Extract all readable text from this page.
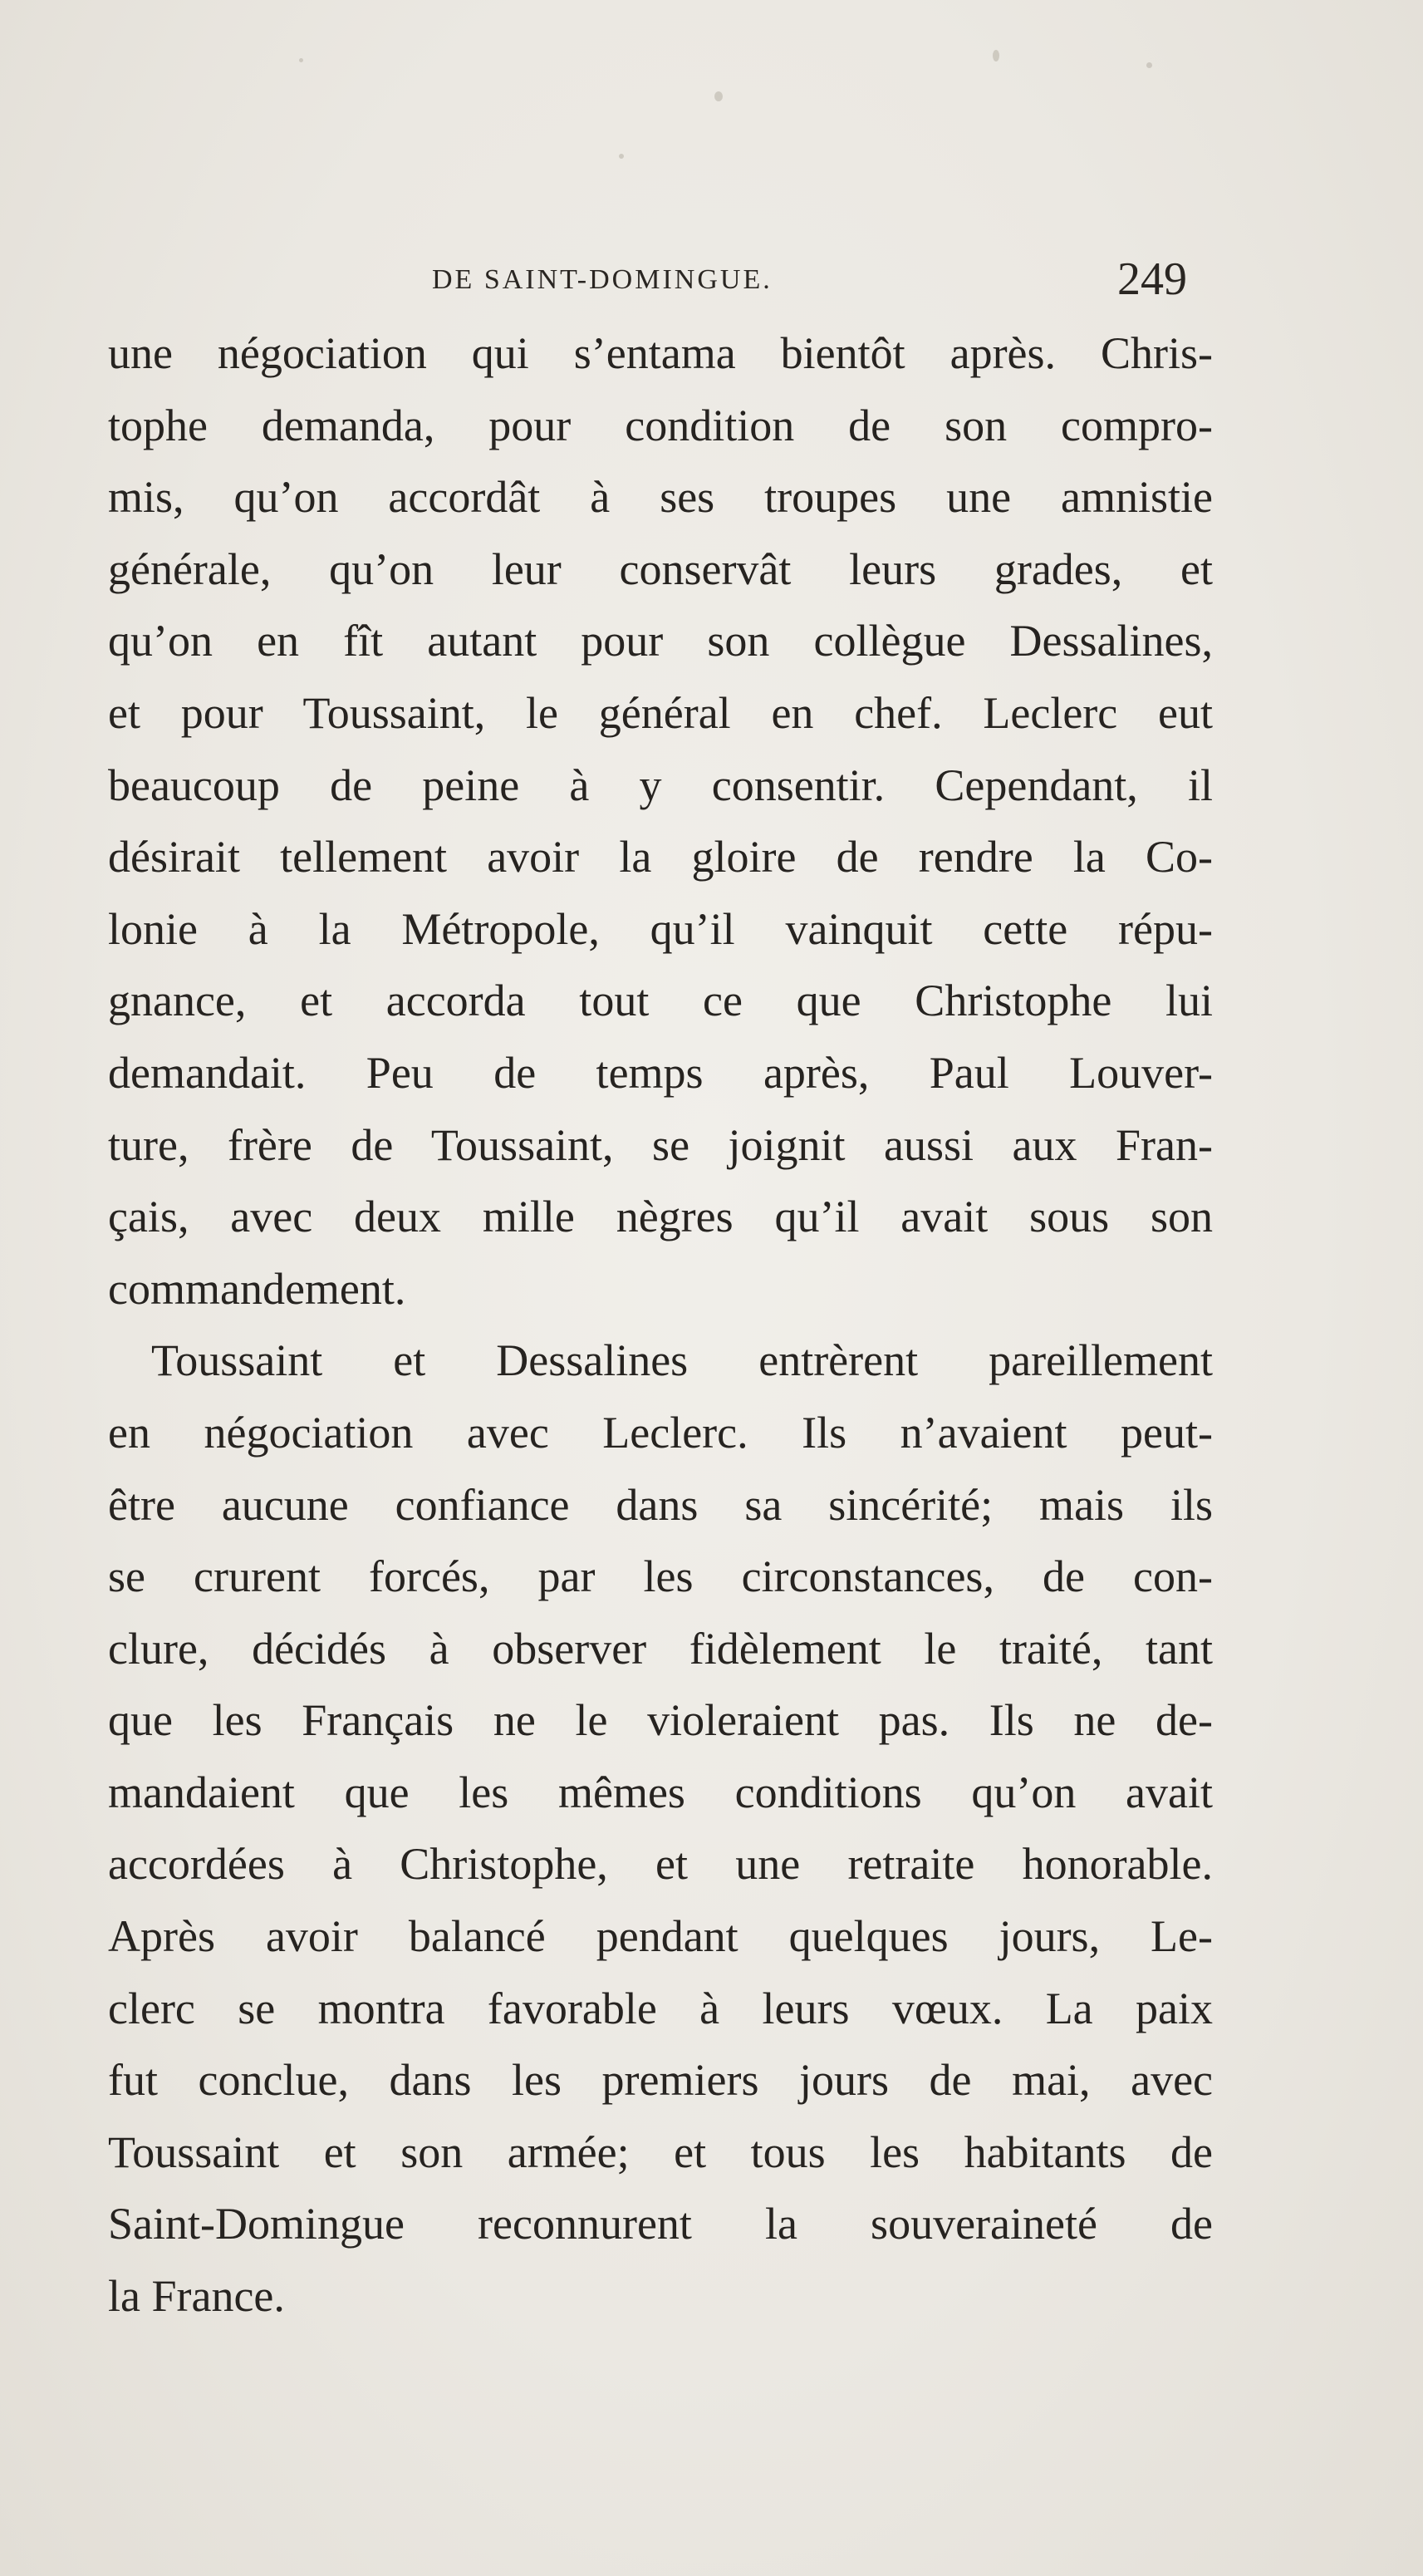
DE SAINT-DOMINGUE.	249

une négociation qui s’entama bientôt après. Chris-
tophe demanda, pour condition de son compro-
mis, qu’on accordât à ses troupes une amnistie
générale, qu’on leur conservât leurs grades, et
qu’on en fît autant pour son collègue Dessalines,
et pour Toussaint, le général en chef. Leclerc eut
beaucoup de peine à y consentir. Cependant, il
désirait tellement avoir la gloire de rendre la Co-
lonie à la Métropole, qu’il vainquit cette répu-
gnance, et accorda tout ce que Christophe lui
demandait. Peu de temps après, Paul Louver-
ture, frère de Toussaint, se joignit aussi aux Fran-
çais, avec deux mille nègres qu’il avait sous son
commandement.

Toussaint et Dessalines entrèrent pareillement
en négociation avec Leclerc. Ils n’avaient peut-
être aucune confiance dans sa sincérité; mais ils
se crurent forcés, par les circonstances, de con-
clure, décidés à observer fidèlement le traité, tant
que les Français ne le violeraient pas. Ils ne de-
mandaient que les mêmes conditions qu’on avait
accordées à Christophe, et une retraite honorable.
Après avoir balancé pendant quelques jours, Le-
clerc se montra favorable à leurs vœux. La paix
fut conclue, dans les premiers jours de mai, avec
Toussaint et son armée; et tous les habitants de
Saint-Domingue reconnurent la souveraineté de
la France.
